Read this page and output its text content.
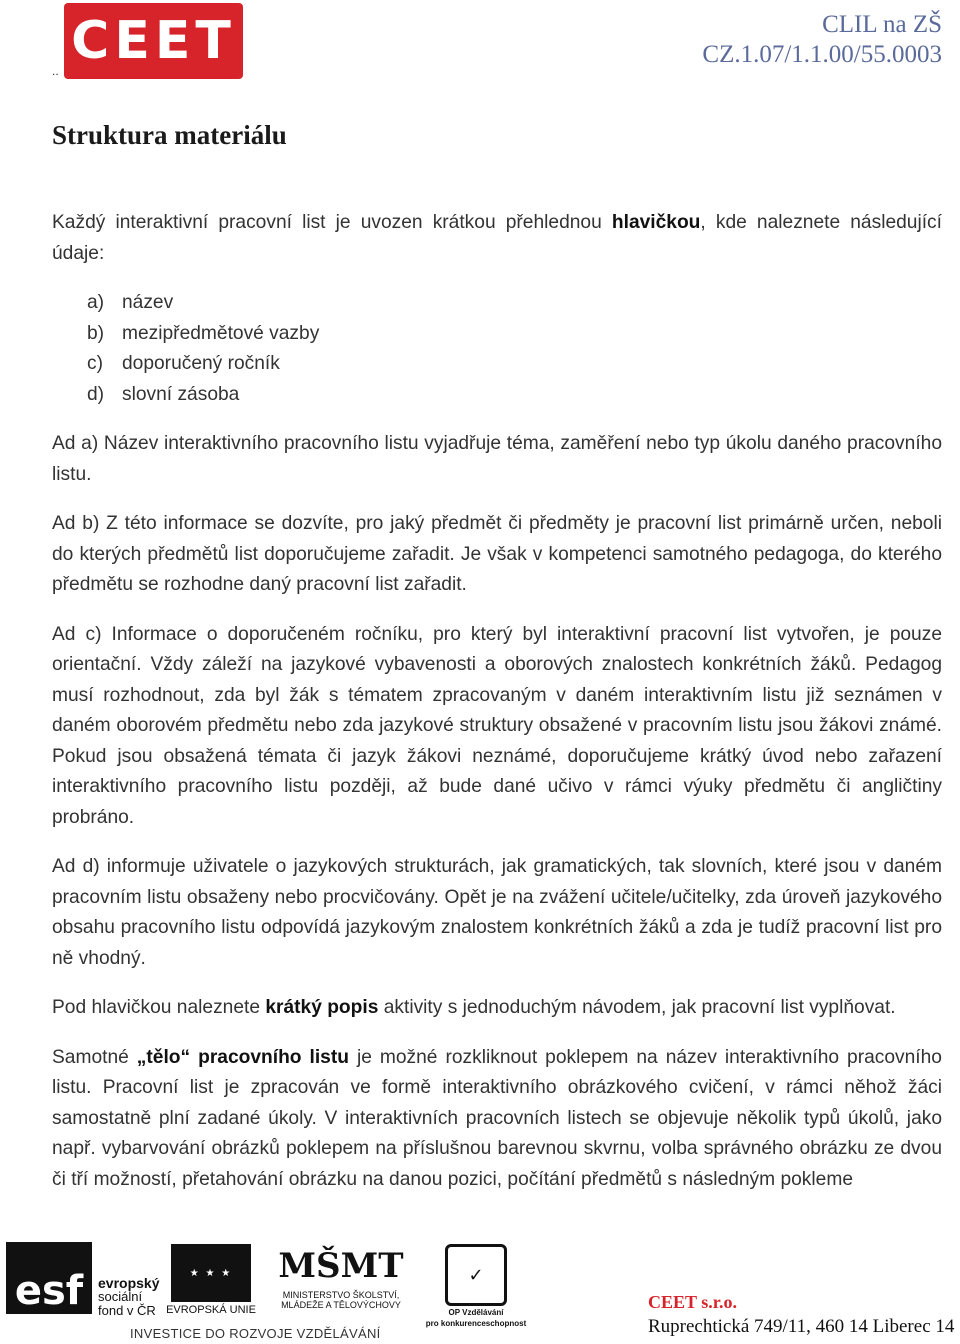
CEET
..
CLIL na ZŠ
CZ.1.07/1.1.00/55.0003
Struktura materiálu

Každý interaktivní pracovní list je uvozen krátkou přehlednou hlavičkou, kde naleznete následující údaje:

a) název
b) mezipředmětové vazby
c) doporučený ročník
d) slovní zásoba

Ad a) Název interaktivního pracovního listu vyjadřuje téma, zaměření nebo typ úkolu daného pracovního listu.

Ad b) Z této informace se dozvíte, pro jaký předmět či předměty je pracovní list primárně určen, neboli do kterých předmětů list doporučujeme zařadit. Je však v kompetenci samotného pedagoga, do kterého předmětu se rozhodne daný pracovní list zařadit.

Ad c) Informace o doporučeném ročníku, pro který byl interaktivní pracovní list vytvořen, je pouze orientační. Vždy záleží na jazykové vybavenosti a oborových znalostech konkrétních žáků. Pedagog musí rozhodnout, zda byl žák s tématem zpracovaným v daném interaktivním listu již seznámen v daném oborovém předmětu nebo zda jazykové struktury obsažené v pracovním listu jsou žákovi známé. Pokud jsou obsažená témata či jazyk žákovi neznámé, doporučujeme krátký úvod nebo zařazení interaktivního pracovního listu později, až bude dané učivo v rámci výuky předmětu či angličtiny probráno.

Ad d) informuje uživatele o jazykových strukturách, jak gramatických, tak slovních, které jsou v daném pracovním listu obsaženy nebo procvičovány. Opět je na zvážení učitele/učitelky, zda úroveň jazykového obsahu pracovního listu odpovídá jazykovým znalostem konkrétních žáků a zda je tudíž pracovní list pro ně vhodný.

Pod hlavičkou naleznete krátký popis aktivity s jednoduchým návodem, jak pracovní list vyplňovat.

Samotné „tělo“ pracovního listu je možné rozkliknout poklepem na název interaktivního pracovního listu. Pracovní list je zpracován ve formě interaktivního obrázkového cvičení, v rámci něhož žáci samostatně plní zadané úkoly. V interaktivních pracovních listech se objevuje několik typů úkolů, jako např. vybarvování obrázků poklepem na příslušnou barevnou skvrnu, volba správného obrázku ze dvou či tří možností, přetahování obrázku na danou pozici, počítání předmětů s následným pokleme

esf	evropský
sociální
fond v ČR
★ ★ ★
EVROPSKÁ UNIE
MŠMT
MINISTERSTVO ŠKOLSTVÍ,
MLÁDEŽE A TĚLOVÝCHOVY
✓
OP Vzdělávání
pro konkurenceschopnost
INVESTICE DO ROZVOJE VZDĚLÁVÁNÍ
CEET s.r.o.
Ruprechtická 749/11, 460 14 Liberec 14
